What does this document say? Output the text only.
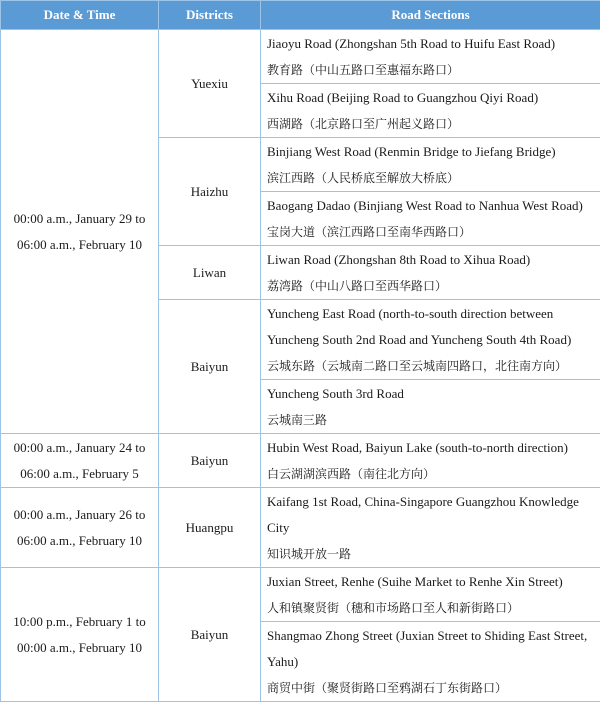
Date & Time	Districts	Road Sections
00:00 a.m., January 29 to
06:00 a.m., February 10	Yuexiu	Jiaoyu Road (Zhongshan 5th Road to Huifu East Road)
教育路（中山五路口至惠福东路口）

		Xihu Road (Beijing Road to Guangzhou Qiyi Road)
西湖路（北京路口至广州起义路口）

	Haizhu	Binjiang West Road (Renmin Bridge to Jiefang Bridge)
滨江西路（人民桥底至解放大桥底）

		Baogang Dadao (Binjiang West Road to Nanhua West Road)
宝岗大道（滨江西路口至南华西路口）

	Liwan	Liwan Road (Zhongshan 8th Road to Xihua Road)
荔湾路（中山八路口至西华路口）

	Baiyun	Yuncheng East Road (north-to-south direction between Yuncheng South 2nd Road and Yuncheng South 4th Road)
云城东路（云城南二路口至云城南四路口，北往南方向）

		Yuncheng South 3rd Road
云城南三路

00:00 a.m., January 24 to
06:00 a.m., February 5	Baiyun	Hubin West Road, Baiyun Lake (south-to-north direction)
白云湖湖滨西路（南往北方向）

00:00 a.m., January 26 to
06:00 a.m., February 10	Huangpu	Kaifang 1st Road, China-Singapore Guangzhou Knowledge City
知识城开放一路

10:00 p.m., February 1 to
00:00 a.m., February 10	Baiyun	Juxian Street, Renhe (Suihe Market to Renhe Xin Street)
人和镇聚贤街（穗和市场路口至人和新街路口）

		Shangmao Zhong Street (Juxian Street to Shiding East Street, Yahu)
商贸中街（聚贤街路口至鸦湖石丁东街路口）
